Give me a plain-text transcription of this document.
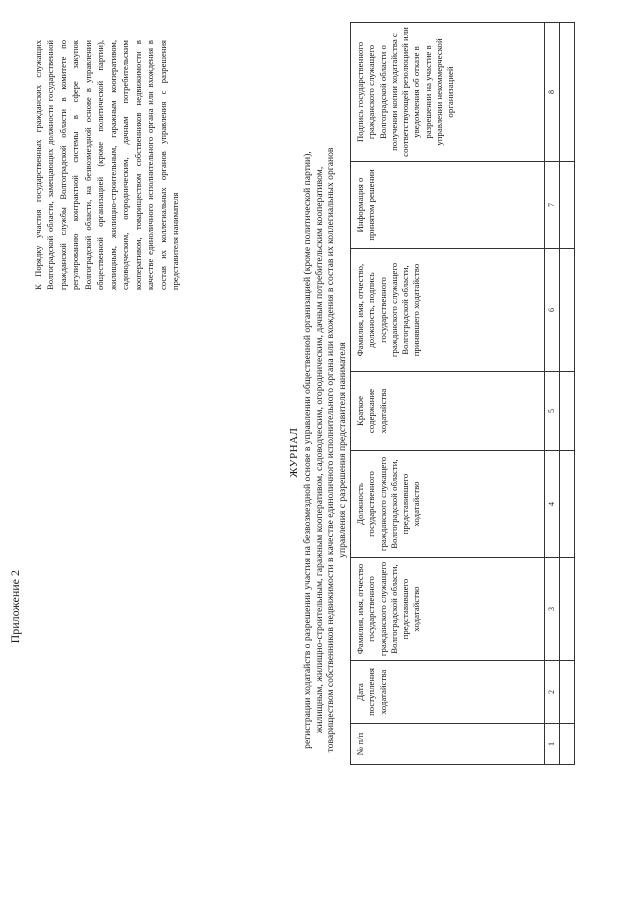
Приложение 2
К Порядку участия государственных гражданских служащих Волгоградской области, замещающих должности государственной гражданской службы Волгоградской области в комитете по регулированию контрактной системы в сфере закупок Волгоградской области, на безвозмездной основе в управлении общественной организацией (кроме политической партии), жилищным, жилищно-строительным, гаражным кооперативом, садоводческим, огородническим, дачным потребительским кооперативом, товариществом собственников недвижимости в качестве единоличного исполнительного органа или вхождения в состав их коллегиальных органов управления с разрешения представителя нанимателя
ЖУРНАЛ регистрации ходатайств о разрешении участия на безвозмездной основе в управлении общественной организацией (кроме политической партии), жилищным, жилищно-строительным, гаражным кооперативом, садоводческим, огородническим, дачным потребительским кооперативом, товариществом собственников недвижимости в качестве единоличного исполнительного органа или вхождения в состав их коллегиальных органов управления с разрешения представителя нанимателя
№ п/п	Дата поступления ходатайства	Фамилия, имя, отчество государственного гражданского служащего Волгоградской области, представившего ходатайство	Должность государственного гражданского служащего Волгоградской области, представившего ходатайство	Краткое содержание ходатайства	Фамилия, имя, отчество, должность, подпись государственного гражданского служащего Волгоградской области, принявшего ходатайство	Информация о принятом решении	Подпись государственного гражданского служащего Волгоградской области о получении копии ходатайства с соответствующей резолюцией или уведомления об отказе в разрешении на участие в управлении некоммерческой организацией
1	2	3	4	5	6	7	8
